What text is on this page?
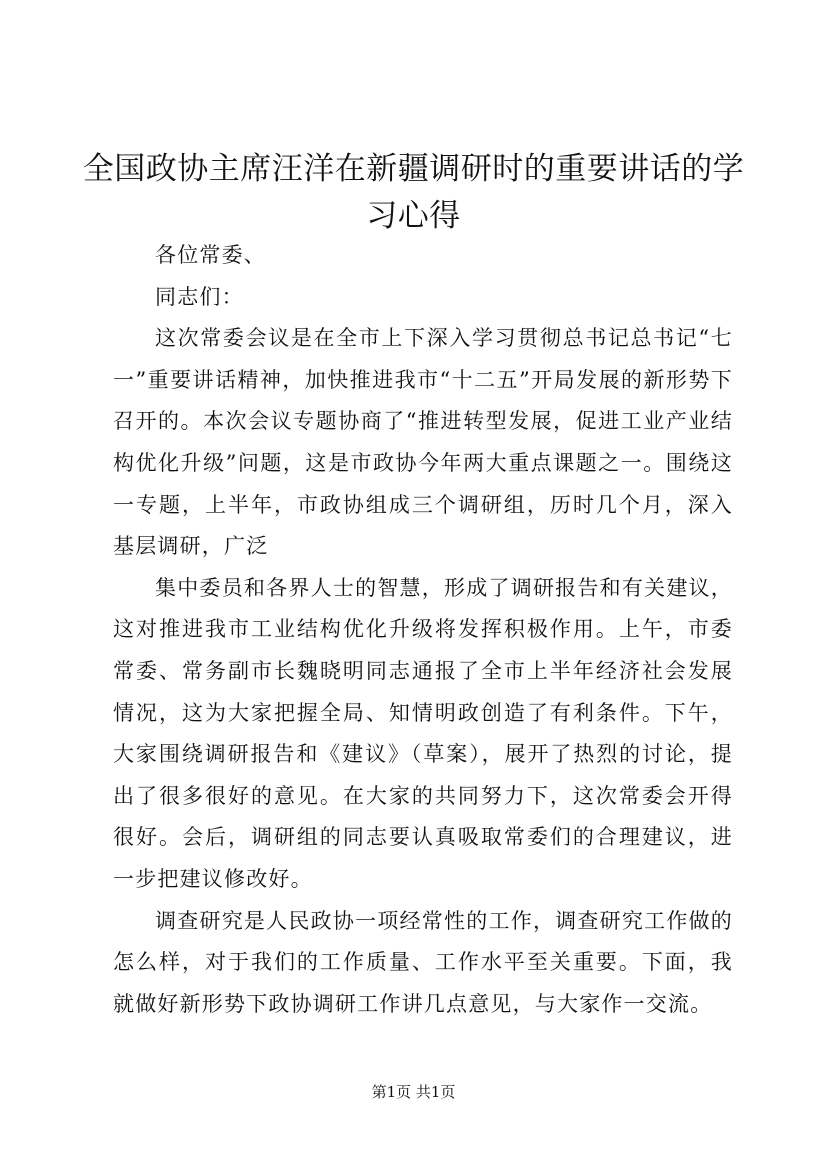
全国政协主席汪洋在新疆调研时的重要讲话的学习心得

各位常委、

同志们：

这次常委会议是在全市上下深入学习贯彻总书记总书记“七一”重要讲话精神，加快推进我市“十二五”开局发展的新形势下召开的。本次会议专题协商了“推进转型发展，促进工业产业结构优化升级”问题，这是市政协今年两大重点课题之一。围绕这一专题，上半年，市政协组成三个调研组，历时几个月，深入基层调研，广泛

集中委员和各界人士的智慧，形成了调研报告和有关建议，这对推进我市工业结构优化升级将发挥积极作用。上午，市委常委、常务副市长魏晓明同志通报了全市上半年经济社会发展情况，这为大家把握全局、知情明政创造了有利条件。下午，大家围绕调研报告和《建议》（草案），展开了热烈的讨论，提出了很多很好的意见。在大家的共同努力下，这次常委会开得很好。会后，调研组的同志要认真吸取常委们的合理建议，进一步把建议修改好。

调查研究是人民政协一项经常性的工作，调查研究工作做的怎么样，对于我们的工作质量、工作水平至关重要。下面，我就做好新形势下政协调研工作讲几点意见，与大家作一交流。

第1页 共1页
